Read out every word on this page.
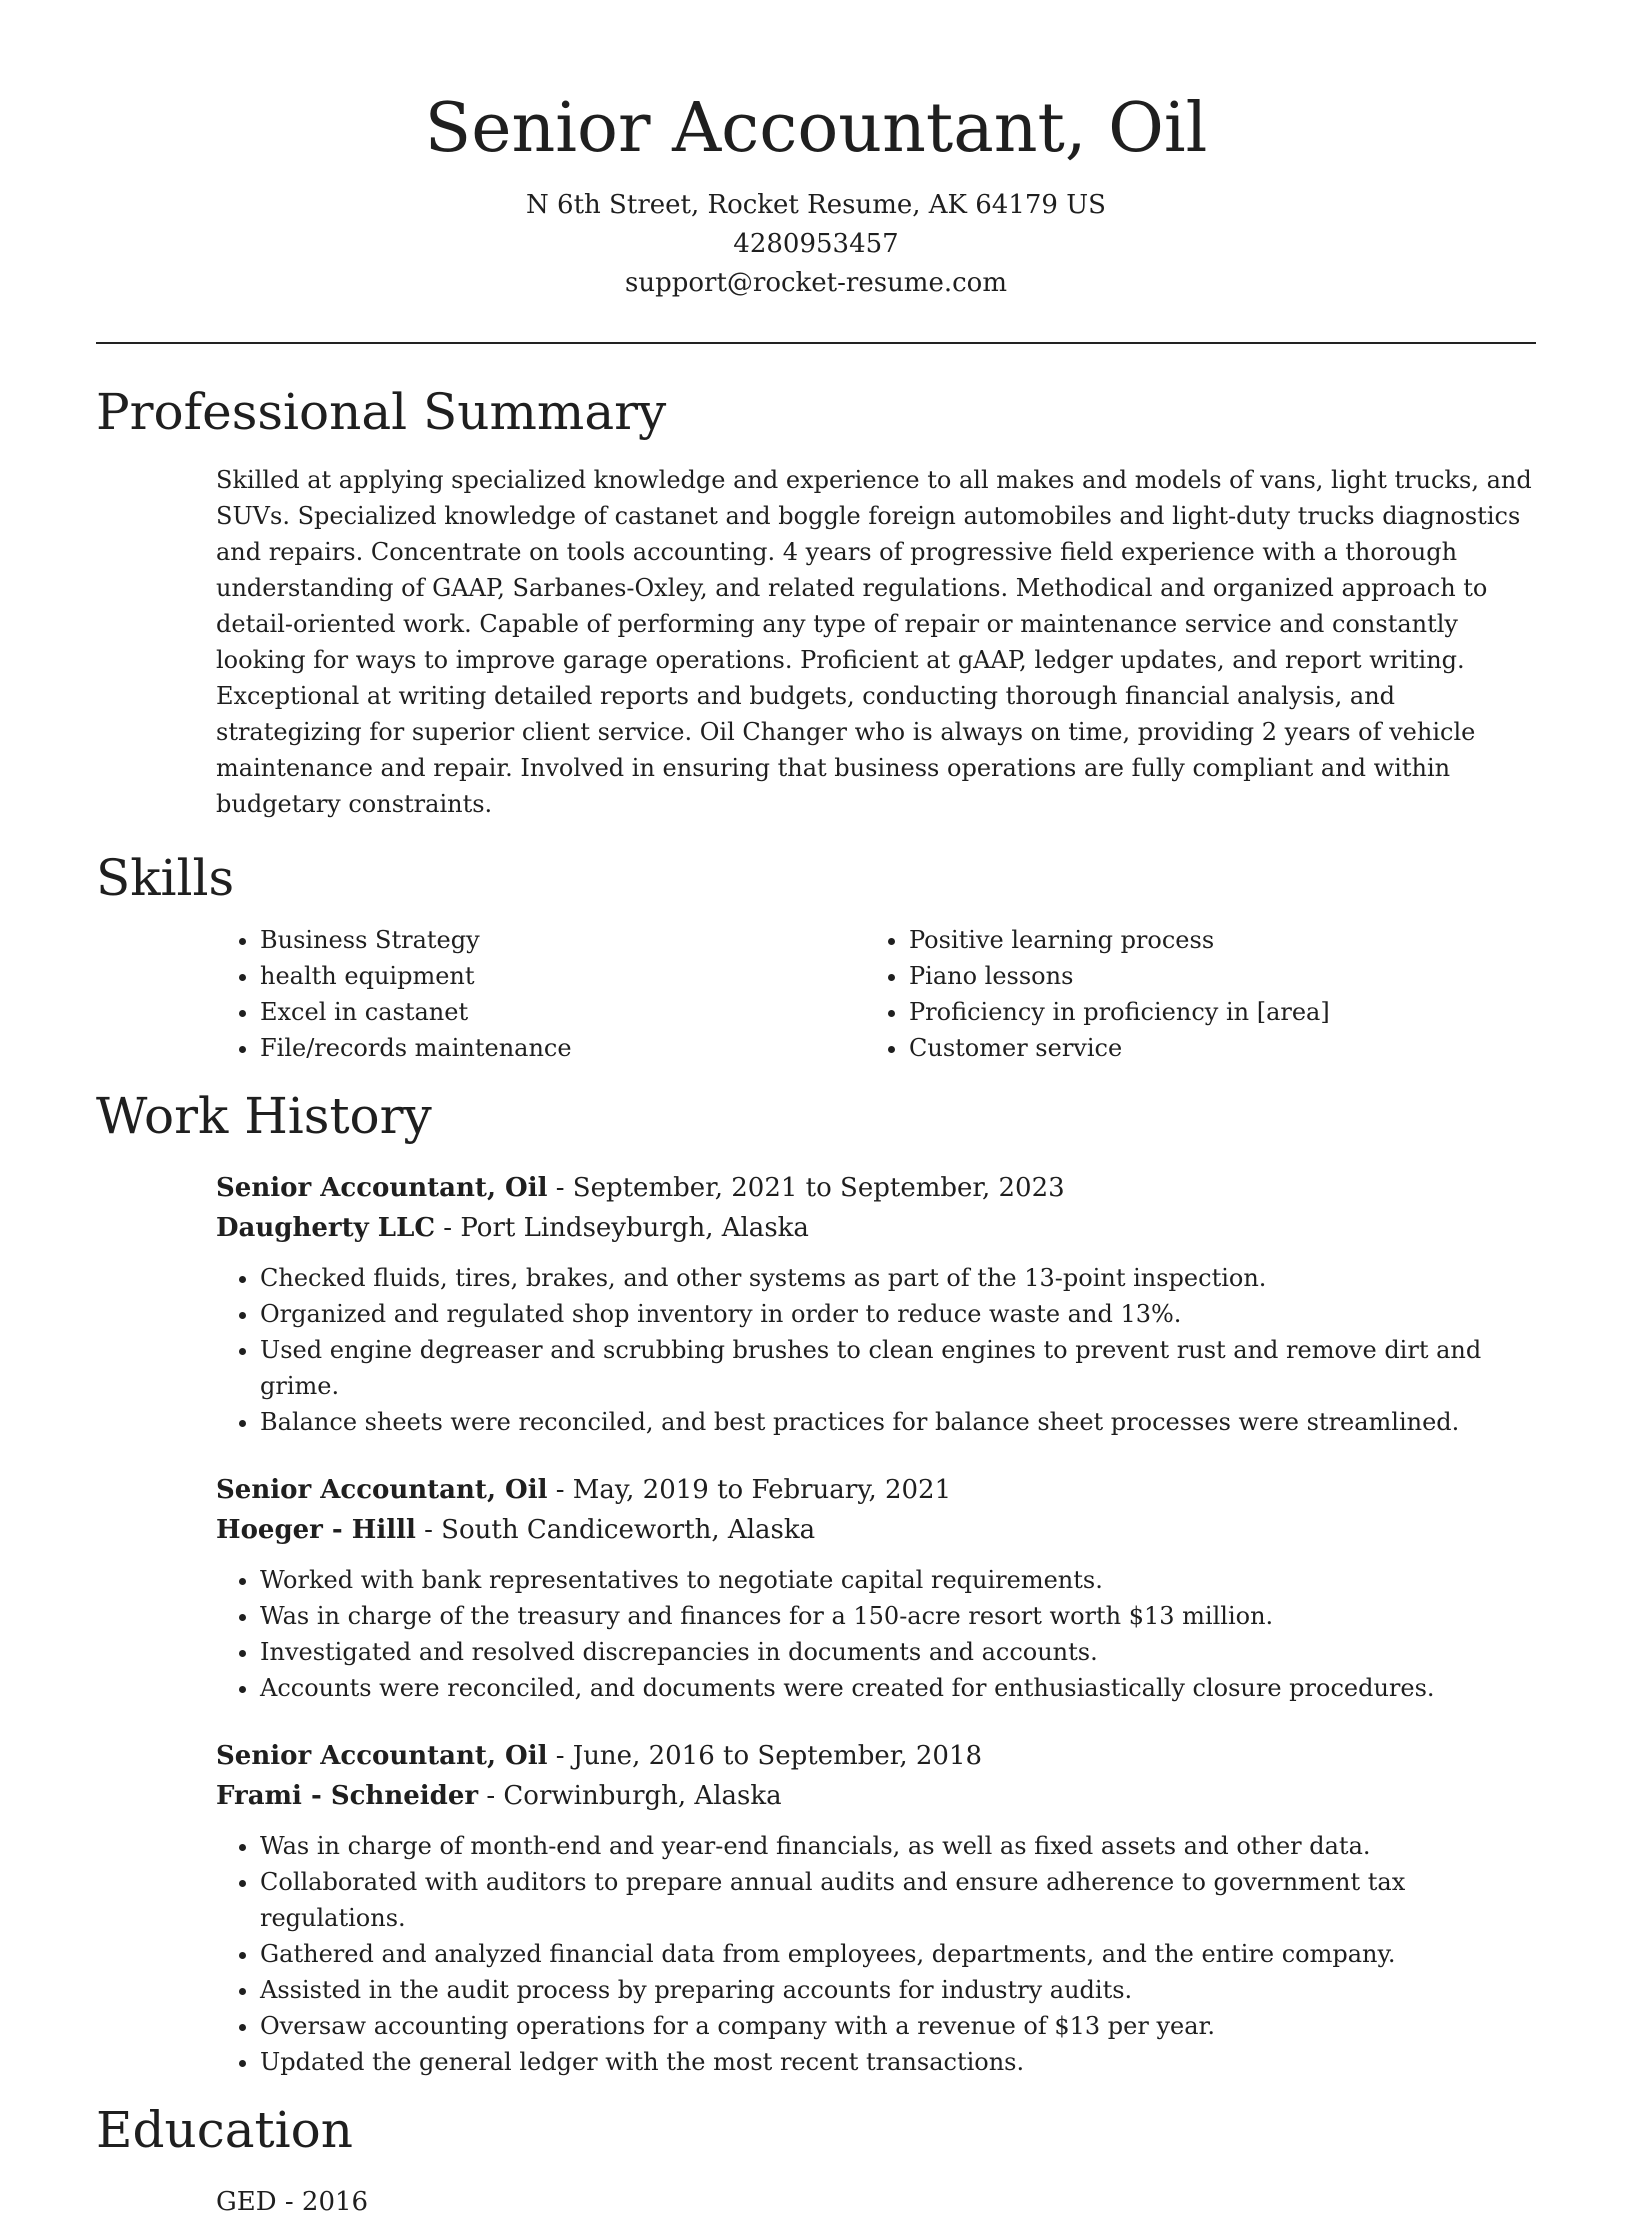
Senior Accountant, Oil
N 6th Street, Rocket Resume, AK 64179 US
4280953457
support@rocket-resume.com
Professional Summary

Skilled at applying specialized knowledge and experience to all makes and models of vans, light trucks, and SUVs. Specialized knowledge of castanet and boggle foreign automobiles and light-duty trucks diagnostics and repairs. Concentrate on tools accounting. 4 years of progressive field experience with a thorough understanding of GAAP, Sarbanes-Oxley, and related regulations. Methodical and organized approach to detail-oriented work. Capable of performing any type of repair or maintenance service and constantly looking for ways to improve garage operations. Proficient at gAAP, ledger updates, and report writing. Exceptional at writing detailed reports and budgets, conducting thorough financial analysis, and strategizing for superior client service. Oil Changer who is always on time, providing 2 years of vehicle maintenance and repair. Involved in ensuring that business operations are fully compliant and within budgetary constraints.

Skills
• Business Strategy
• health equipment
• Excel in castanet
• File/records maintenance
• Positive learning process
• Piano lessons
• Proficiency in proficiency in [area]
• Customer service
Work History
Senior Accountant, Oil - September, 2021 to September, 2023
Daugherty LLC - Port Lindseyburgh, Alaska
• Checked fluids, tires, brakes, and other systems as part of the 13-point inspection.
• Organized and regulated shop inventory in order to reduce waste and 13%.
• Used engine degreaser and scrubbing brushes to clean engines to prevent rust and remove dirt and grime.
• Balance sheets were reconciled, and best practices for balance sheet processes were streamlined.
Senior Accountant, Oil - May, 2019 to February, 2021
Hoeger - Hilll - South Candiceworth, Alaska
• Worked with bank representatives to negotiate capital requirements.
• Was in charge of the treasury and finances for a 150-acre resort worth $13 million.
• Investigated and resolved discrepancies in documents and accounts.
• Accounts were reconciled, and documents were created for enthusiastically closure procedures.
Senior Accountant, Oil - June, 2016 to September, 2018
Frami - Schneider - Corwinburgh, Alaska
• Was in charge of month-end and year-end financials, as well as fixed assets and other data.
• Collaborated with auditors to prepare annual audits and ensure adherence to government tax regulations.
• Gathered and analyzed financial data from employees, departments, and the entire company.
• Assisted in the audit process by preparing accounts for industry audits.
• Oversaw accounting operations for a company with a revenue of $13 per year.
• Updated the general ledger with the most recent transactions.
Education
GED - 2016
